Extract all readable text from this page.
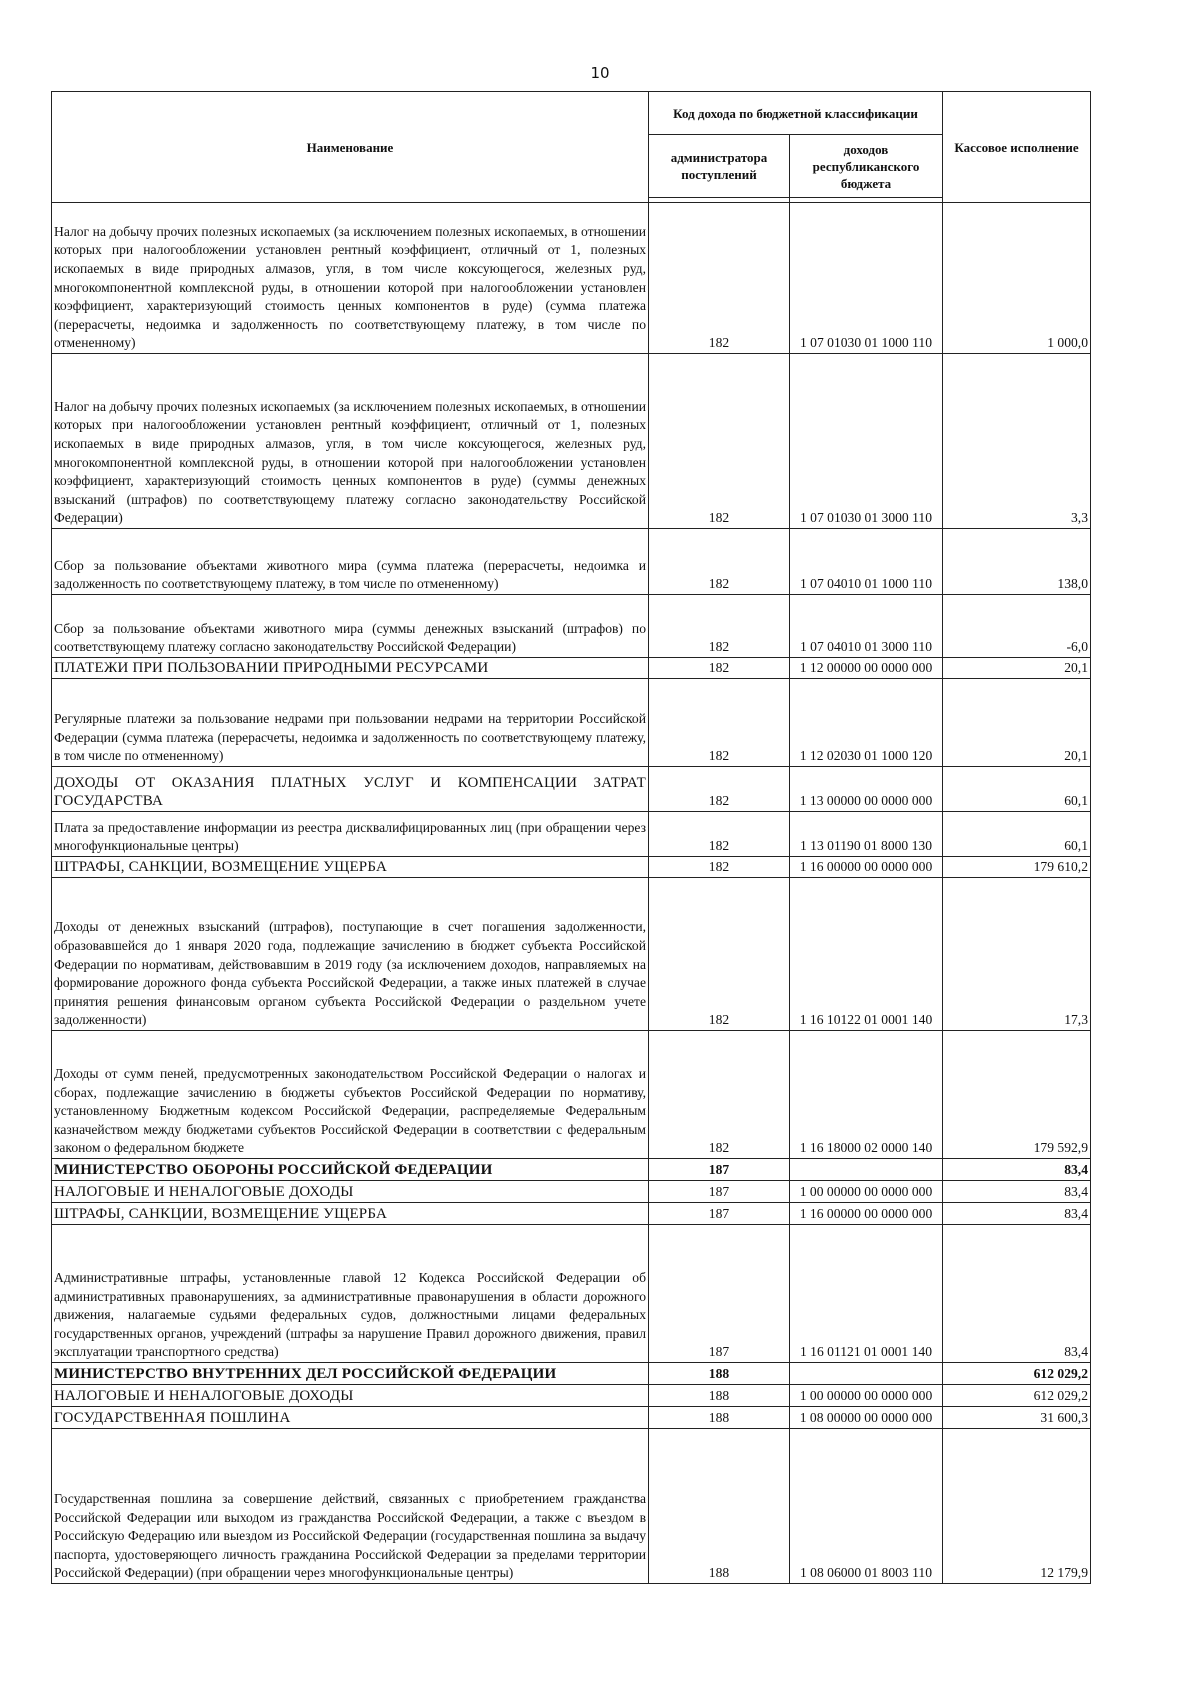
10
Наименование	Код дохода по бюджетной классификации		Кассовое исполнение
	администратора поступлений	доходов республиканского бюджета	

Налог на добычу прочих полезных ископаемых (за исключением полезных ископаемых, в отношении которых при налогообложении установлен рентный коэффициент, отличный от 1, полезных ископаемых в виде природных алмазов, угля, в том числе коксующегося, железных руд, многокомпонентной комплексной руды, в отношении которой при налогообложении установлен коэффициент, характеризующий стоимость ценных компонентов в руде) (сумма платежа (перерасчеты, недоимка и задолженность по соответствующему платежу, в том числе по отмененному)	182	1 07 01030 01 1000 110	1 000,0
Налог на добычу прочих полезных ископаемых (за исключением полезных ископаемых, в отношении которых при налогообложении установлен рентный коэффициент, отличный от 1, полезных ископаемых в виде природных алмазов, угля, в том числе коксующегося, железных руд, многокомпонентной комплексной руды, в отношении которой при налогообложении установлен коэффициент, характеризующий стоимость ценных компонентов в руде) (суммы денежных взысканий (штрафов) по соответствующему платежу согласно законодательству Российской Федерации)	182	1 07 01030 01 3000 110	3,3
Сбор за пользование объектами животного мира (сумма платежа (перерасчеты, недоимка и задолженность по соответствующему платежу, в том числе по отмененному)	182	1 07 04010 01 1000 110	138,0
Сбор за пользование объектами животного мира (суммы денежных взысканий (штрафов) по соответствующему платежу согласно законодательству Российской Федерации)	182	1 07 04010 01 3000 110	-6,0
ПЛАТЕЖИ ПРИ ПОЛЬЗОВАНИИ ПРИРОДНЫМИ РЕСУРСАМИ	182	1 12 00000 00 0000 000	20,1
Регулярные платежи за пользование недрами при пользовании недрами на территории Российской Федерации (сумма платежа (перерасчеты, недоимка и задолженность по соответствующему платежу, в том числе по отмененному)	182	1 12 02030 01 1000 120	20,1
ДОХОДЫ ОТ ОКАЗАНИЯ ПЛАТНЫХ УСЛУГ И КОМПЕНСАЦИИ ЗАТРАТ ГОСУДАРСТВА	182	1 13 00000 00 0000 000	60,1
Плата за предоставление информации из реестра дисквалифицированных лиц (при обращении через многофункциональные центры)	182	1 13 01190 01 8000 130	60,1
ШТРАФЫ, САНКЦИИ, ВОЗМЕЩЕНИЕ УЩЕРБА	182	1 16 00000 00 0000 000	179 610,2
Доходы от денежных взысканий (штрафов), поступающие в счет погашения задолженности, образовавшейся до 1 января 2020 года, подлежащие зачислению в бюджет субъекта Российской Федерации по нормативам, действовавшим в 2019 году (за исключением доходов, направляемых на формирование дорожного фонда субъекта Российской Федерации, а также иных платежей в случае принятия решения финансовым органом субъекта Российской Федерации о раздельном учете задолженности)	182	1 16 10122 01 0001 140	17,3
Доходы от сумм пеней, предусмотренных законодательством Российской Федерации о налогах и сборах, подлежащие зачислению в бюджеты субъектов Российской Федерации по нормативу, установленному Бюджетным кодексом Российской Федерации, распределяемые Федеральным казначейством между бюджетами субъектов Российской Федерации в соответствии с федеральным законом о федеральном бюджете	182	1 16 18000 02 0000 140	179 592,9
МИНИСТЕРСТВО ОБОРОНЫ РОССИЙСКОЙ ФЕДЕРАЦИИ	187		83,4
НАЛОГОВЫЕ И НЕНАЛОГОВЫЕ ДОХОДЫ	187	1 00 00000 00 0000 000	83,4
ШТРАФЫ, САНКЦИИ, ВОЗМЕЩЕНИЕ УЩЕРБА	187	1 16 00000 00 0000 000	83,4
Административные штрафы, установленные главой 12 Кодекса Российской Федерации об административных правонарушениях, за административные правонарушения в области дорожного движения, налагаемые судьями федеральных судов, должностными лицами федеральных государственных органов, учреждений (штрафы за нарушение Правил дорожного движения, правил эксплуатации транспортного средства)	187	1 16 01121 01 0001 140	83,4
МИНИСТЕРСТВО ВНУТРЕННИХ ДЕЛ РОССИЙСКОЙ ФЕДЕРАЦИИ	188		612 029,2
НАЛОГОВЫЕ И НЕНАЛОГОВЫЕ ДОХОДЫ	188	1 00 00000 00 0000 000	612 029,2
ГОСУДАРСТВЕННАЯ ПОШЛИНА	188	1 08 00000 00 0000 000	31 600,3
Государственная пошлина за совершение действий, связанных с приобретением гражданства Российской Федерации или выходом из гражданства Российской Федерации, а также с въездом в Российскую Федерацию или выездом из Российской Федерации (государственная пошлина за выдачу паспорта, удостоверяющего личность гражданина Российской Федерации за пределами территории Российской Федерации) (при обращении через многофункциональные центры)	188	1 08 06000 01 8003 110	12 179,9
